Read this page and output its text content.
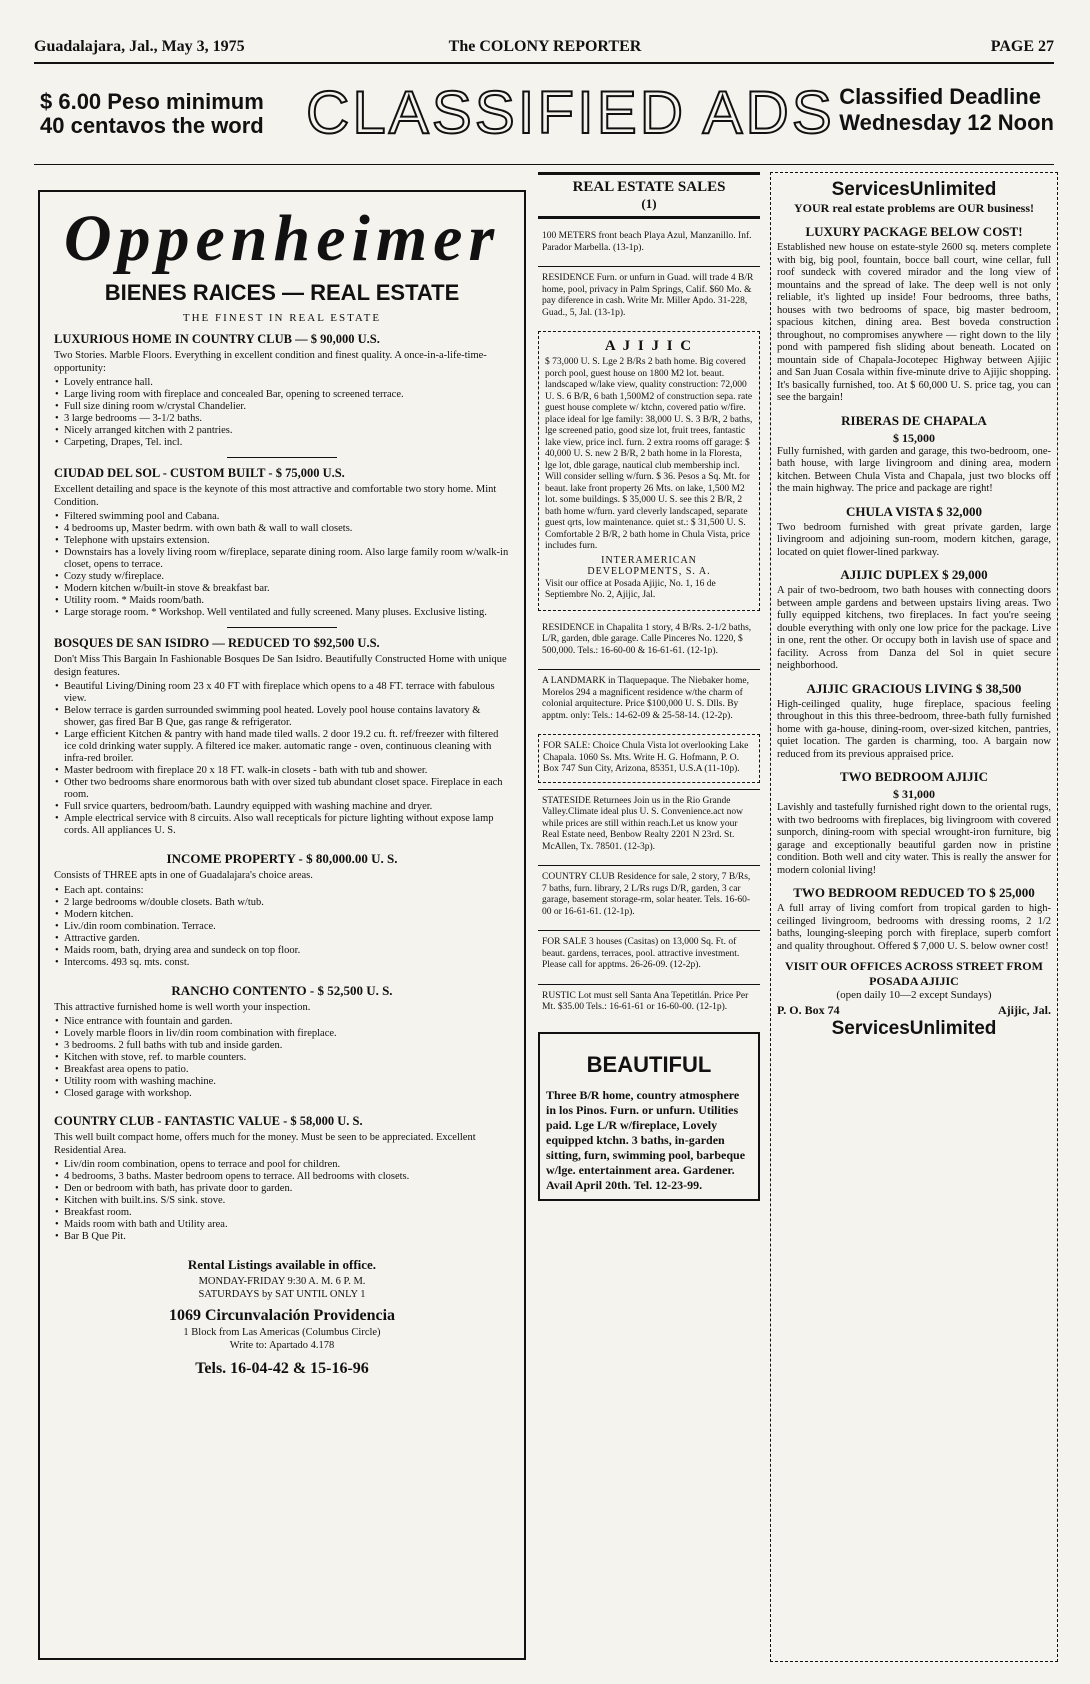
Guadalajara, Jal., May 3, 1975	The COLONY REPORTER	PAGE 27
$ 6.00 Peso minimum
40 centavos the word CLASSIFIED ADS Classified Deadline
Wednesday 12 Noon
Oppenheimer
BIENES RAICES — REAL ESTATE
THE FINEST IN REAL ESTATE
LUXURIOUS HOME IN COUNTRY CLUB — $ 90,000 U.S.

Two Stories. Marble Floors. Everything in excellent condition and finest quality. A once-in-a-life-time-opportunity:

• Lovely entrance hall.
• Large living room with fireplace and concealed Bar, opening to screened terrace.
• Full size dining room w/crystal Chandelier.
• 3 large bedrooms — 3-1/2 baths.
• Nicely arranged kitchen with 2 pantries.
• Carpeting, Drapes, Tel. incl.
CIUDAD DEL SOL - CUSTOM BUILT - $ 75,000 U.S.

Excellent detailing and space is the keynote of this most attractive and comfortable two story home. Mint Condition.

• Filtered swimming pool and Cabana.
• 4 bedrooms up, Master bedrm. with own bath & wall to wall closets.
• Telephone with upstairs extension.
• Downstairs has a lovely living room w/fireplace, separate dining room. Also large family room w/walk-in closet, opens to terrace.
• Cozy study w/fireplace.
• Modern kitchen w/built-in stove & breakfast bar.
• Utility room. * Maids room/bath.
• Large storage room. * Workshop. Well ventilated and fully screened. Many pluses. Exclusive listing.
BOSQUES DE SAN ISIDRO — REDUCED TO $92,500 U.S.

Don't Miss This Bargain In Fashionable Bosques De San Isidro. Beautifully Constructed Home with unique design features.

• Beautiful Living/Dining room 23 x 40 FT with fireplace which opens to a 48 FT. terrace with fabulous view.
• Below terrace is garden surrounded swimming pool heated. Lovely pool house contains lavatory & shower, gas fired Bar B Que, gas range & refrigerator.
• Large efficient Kitchen & pantry with hand made tiled walls. 2 door 19.2 cu. ft. ref/freezer with filtered ice cold drinking water supply. A filtered ice maker. automatic range - oven, continuous cleaning with infra-red broiler.
• Master bedroom with fireplace 20 x 18 FT. walk-in closets - bath with tub and shower.
• Other two bedrooms share enormorous bath with over sized tub abundant closet space. Fireplace in each room.
• Full srvice quarters, bedroom/bath. Laundry equipped with washing machine and dryer.
• Ample electrical service with 8 circuits. Also wall recepticals for picture lighting without expose lamp cords. All appliances U. S.
INCOME PROPERTY - $ 80,000.00 U. S.

Consists of THREE apts in one of Guadalajara's choice areas.

• Each apt. contains:
• 2 large bedrooms w/double closets. Bath w/tub.
• Modern kitchen.
• Liv./din room combination. Terrace.
• Attractive garden.
• Maids room, bath, drying area and sundeck on top floor.
• Intercoms. 493 sq. mts. const.
RANCHO CONTENTO - $ 52,500 U. S.

This attractive furnished home is well worth your inspection.

• Nice entrance with fountain and garden.
• Lovely marble floors in liv/din room combination with fireplace.
• 3 bedrooms. 2 full baths with tub and inside garden.
• Kitchen with stove, ref. to marble counters.
• Breakfast area opens to patio.
• Utility room with washing machine.
• Closed garage with workshop.
COUNTRY CLUB - FANTASTIC VALUE - $ 58,000 U. S.

This well built compact home, offers much for the money. Must be seen to be appreciated. Excellent Residential Area.

• Liv/din room combination, opens to terrace and pool for children.
• 4 bedrooms, 3 baths. Master bedroom opens to terrace. All bedrooms with closets.
• Den or bedroom with bath, has private door to garden.
• Kitchen with built.ins. S/S sink. stove.
• Breakfast room.
• Maids room with bath and Utility area.
• Bar B Que Pit.
Rental Listings available in office.
MONDAY-FRIDAY 9:30 A. M. 6 P. M.
SATURDAYS by SAT UNTIL ONLY 1
1069 Circunvalación Providencia
1 Block from Las Americas (Columbus Circle)
Write to: Apartado 4.178
Tels. 16-04-42 & 15-16-96
REAL ESTATE SALES
(1)

100 METERS front beach Playa Azul, Manzanillo. Inf. Parador Marbella. (13-1p).

RESIDENCE Furn. or unfurn in Guad. will trade 4 B/R home, pool, privacy in Palm Springs, Calif. $60 Mo. & pay diference in cash. Write Mr. Miller Apdo. 31-228, Guad., 5, Jal. (13-1p).

A J I J I C

$ 73,000 U. S. Lge 2 B/Rs 2 bath home. Big covered porch pool, guest house on 1800 M2 lot. beaut. landscaped w/lake view, quality construction: 72,000 U. S. 6 B/R, 6 bath 1,500M2 of construction sepa. rate guest house complete w/ ktchn, covered patio w/fire. place ideal for lge family: 38,000 U. S. 3 B/R, 2 baths, lge screened patio, good size lot, fruit trees, fantastic lake view, price incl. furn. 2 extra rooms off garage: $ 40,000 U. S. new 2 B/R, 2 bath home in la Floresta, lge lot, dble garage, nautical club membership incl. Will consider selling w/furn. $ 36. Pesos a Sq. Mt. for beaut. lake front property 26 Mts. on lake, 1,500 M2 lot. some buildings. $ 35,000 U. S. see this 2 B/R, 2 bath home w/furn. yard cleverly landscaped, separate guest qrts, low maintenance. quiet st.: $ 31,500 U. S. Comfortable 2 B/R, 2 bath home in Chula Vista, price includes furn.

INTERAMERICAN
DEVELOPMENTS, S. A.

Visit our office at Posada Ajijic, No. 1, 16 de Septiembre No. 2, Ajijic, Jal.

RESIDENCE in Chapalita 1 story, 4 B/Rs. 2-1/2 baths, L/R, garden, dble garage. Calle Pinceres No. 1220, $ 500,000. Tels.: 16-60-00 & 16-61-61. (12-1p).

A LANDMARK in Tlaquepaque. The Niebaker home, Morelos 294 a magnificent residence w/the charm of colonial arquitecture. Price $100,000 U. S. Dlls. By apptm. only: Tels.: 14-62-09 & 25-58-14. (12-2p).

FOR SALE: Choice Chula Vista lot overlooking Lake Chapala. 1060 Ss. Mts. Write H. G. Hofmann, P. O. Box 747 Sun City, Arizona, 85351, U.S.A (11-10p).

STATESIDE Returnees Join us in the Rio Grande Valley.Climate ideal plus U. S. Convenience.act now while prices are still within reach.Let us know your Real Estate need, Benbow Realty 2201 N 23rd. St. McAllen, Tx. 78501. (12-3p).

COUNTRY CLUB Residence for sale, 2 story, 7 B/Rs, 7 baths, furn. library, 2 L/Rs rugs D/R, garden, 3 car garage, basement storage-rm, solar heater. Tels. 16-60-00 or 16-61-61. (12-1p).

FOR SALE 3 houses (Casitas) on 13,000 Sq. Ft. of beaut. gardens, terraces, pool. attractive investment. Please call for apptms. 26-26-09. (12-2p).

RUSTIC Lot must sell Santa Ana Tepetitlán. Price Per Mt. $35.00 Tels.: 16-61-61 or 16-60-00. (12-1p).

BEAUTIFUL

Three B/R home, country atmosphere in los Pinos. Furn. or unfurn. Utilities paid. Lge L/R w/fireplace, Lovely equipped ktchn. 3 baths, in-garden sitting, furn, swimming pool, barbeque w/lge. entertainment area. Gardener. Avail April 20th. Tel. 12-23-99.

ServicesUnlimited
YOUR real estate problems are OUR business!
LUXURY PACKAGE BELOW COST!

Established new house on estate-style 2600 sq. meters complete with big, big pool, fountain, bocce ball court, wine cellar, full roof sundeck with covered mirador and the long view of mountains and the spread of lake. The deep well is not only reliable, it's lighted up inside! Four bedrooms, three baths, houses with two bedrooms of space, big master bedroom, spacious kitchen, dining area. Best boveda construction throughout, no compromises anywhere — right down to the lily pond with pampered fish sliding about beneath. Located on mountain side of Chapala-Jocotepec Highway between Ajijic and San Juan Cosala within five-minute drive to Ajijic shopping. It's basically furnished, too. At $ 60,000 U. S. price tag, you can see the bargain!

RIBERAS DE CHAPALA
$ 15,000

Fully furnished, with garden and garage, this two-bedroom, one-bath house, with large livingroom and dining area, modern kitchen. Between Chula Vista and Chapala, just two blocks off the main highway. The price and package are right!

CHULA VISTA $ 32,000

Two bedroom furnished with great private garden, large livingroom and adjoining sun-room, modern kitchen, garage, located on quiet flower-lined parkway.

AJIJIC DUPLEX $ 29,000

A pair of two-bedroom, two bath houses with connecting doors between ample gardens and between upstairs living areas. Two fully equipped kitchens, two fireplaces. In fact you're seeing double everything with only one low price for the package. Live in one, rent the other. Or occupy both in lavish use of space and facility. Across from Danza del Sol in quiet secure neighborhood.

AJIJIC GRACIOUS LIVING $ 38,500

High-ceilinged quality, huge fireplace, spacious feeling throughout in this this three-bedroom, three-bath fully furnished home with ga-house, dining-room, over-sized kitchen, pantries, quiet location. The garden is charming, too. A bargain now reduced from its previous appraised price.

TWO BEDROOM AJIJIC
$ 31,000

Lavishly and tastefully furnished right down to the oriental rugs, with two bedrooms with fireplaces, big livingroom with covered sunporch, dining-room with special wrought-iron furniture, big garage and exceptionally beautiful garden now in pristine condition. Both well and city water. This is really the answer for modern colonial living!

TWO BEDROOM REDUCED TO $ 25,000

A full array of living comfort from tropical garden to high-ceilinged livingroom, bedrooms with dressing rooms, 2 1/2 baths, lounging-sleeping porch with fireplace, superb comfort and quality throughout. Offered $ 7,000 U. S. below owner cost!

VISIT OUR OFFICES ACROSS STREET FROM POSADA AJIJIC
(open daily 10—2 except Sundays)
P. O. Box 74	Ajijic, Jal.
ServicesUnlimited
